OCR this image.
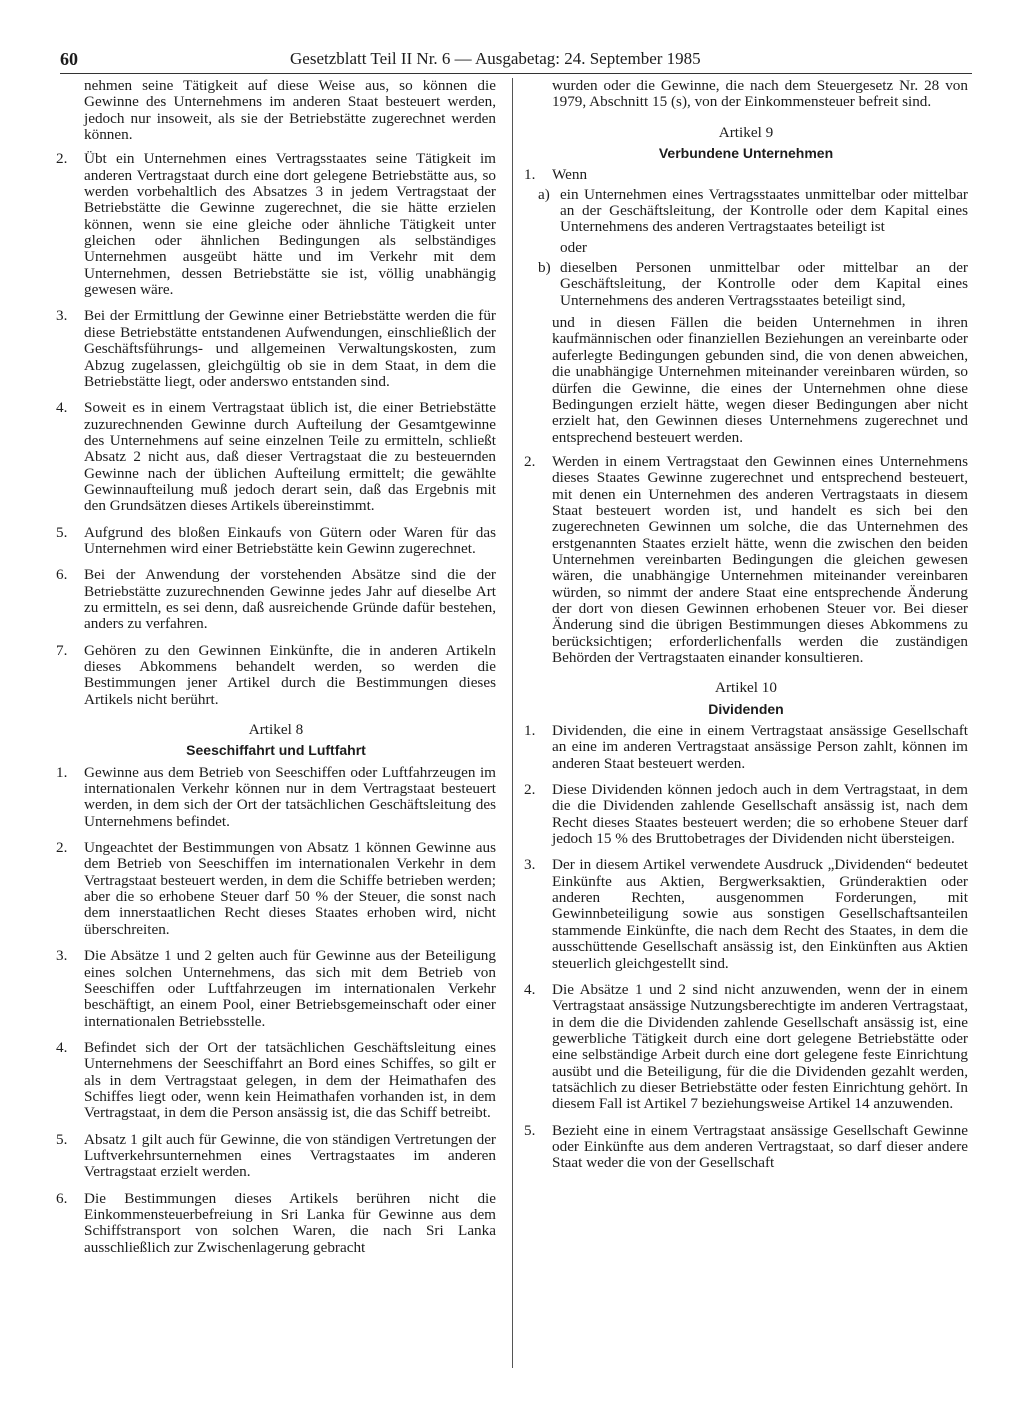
60	Gesetzblatt Teil II Nr. 6 — Ausgabetag: 24. September 1985

nehmen seine Tätigkeit auf diese Weise aus, so können die Gewinne des Unternehmens im anderen Staat besteuert werden, jedoch nur insoweit, als sie der Betriebstätte zugerechnet werden können.

2. Übt ein Unternehmen eines Vertragsstaates seine Tätigkeit im anderen Vertragstaat durch eine dort gelegene Betriebstätte aus, so werden vorbehaltlich des Absatzes 3 in jedem Vertragstaat der Betriebstätte die Gewinne zugerechnet, die sie hätte erzielen können, wenn sie eine gleiche oder ähnliche Tätigkeit unter gleichen oder ähnlichen Bedingungen als selbständiges Unternehmen ausgeübt hätte und im Verkehr mit dem Unternehmen, dessen Betriebstätte sie ist, völlig unabhängig gewesen wäre.
3. Bei der Ermittlung der Gewinne einer Betriebstätte werden die für diese Betriebstätte entstandenen Aufwendungen, einschließlich der Geschäftsführungs- und allgemeinen Verwaltungskosten, zum Abzug zugelassen, gleichgültig ob sie in dem Staat, in dem die Betriebstätte liegt, oder anderswo entstanden sind.
4. Soweit es in einem Vertragstaat üblich ist, die einer Betriebstätte zuzurechnenden Gewinne durch Aufteilung der Gesamtgewinne des Unternehmens auf seine einzelnen Teile zu ermitteln, schließt Absatz 2 nicht aus, daß dieser Vertragstaat die zu besteuernden Gewinne nach der üblichen Aufteilung ermittelt; die gewählte Gewinnaufteilung muß jedoch derart sein, daß das Ergebnis mit den Grundsätzen dieses Artikels übereinstimmt.
5. Aufgrund des bloßen Einkaufs von Gütern oder Waren für das Unternehmen wird einer Betriebstätte kein Gewinn zugerechnet.
6. Bei der Anwendung der vorstehenden Absätze sind die der Betriebstätte zuzurechnenden Gewinne jedes Jahr auf dieselbe Art zu ermitteln, es sei denn, daß ausreichende Gründe dafür bestehen, anders zu verfahren.
7. Gehören zu den Gewinnen Einkünfte, die in anderen Artikeln dieses Abkommens behandelt werden, so werden die Bestimmungen jener Artikel durch die Bestimmungen dieses Artikels nicht berührt.
Artikel 8
Seeschiffahrt und Luftfahrt
1. Gewinne aus dem Betrieb von Seeschiffen oder Luftfahrzeugen im internationalen Verkehr können nur in dem Vertragstaat besteuert werden, in dem sich der Ort der tatsächlichen Geschäftsleitung des Unternehmens befindet.
2. Ungeachtet der Bestimmungen von Absatz 1 können Gewinne aus dem Betrieb von Seeschiffen im internationalen Verkehr in dem Vertragstaat besteuert werden, in dem die Schiffe betrieben werden; aber die so erhobene Steuer darf 50 % der Steuer, die sonst nach dem innerstaatlichen Recht dieses Staates erhoben wird, nicht überschreiten.
3. Die Absätze 1 und 2 gelten auch für Gewinne aus der Beteiligung eines solchen Unternehmens, das sich mit dem Betrieb von Seeschiffen oder Luftfahrzeugen im internationalen Verkehr beschäftigt, an einem Pool, einer Betriebsgemeinschaft oder einer internationalen Betriebsstelle.
4. Befindet sich der Ort der tatsächlichen Geschäftsleitung eines Unternehmens der Seeschiffahrt an Bord eines Schiffes, so gilt er als in dem Vertragstaat gelegen, in dem der Heimathafen des Schiffes liegt oder, wenn kein Heimathafen vorhanden ist, in dem Vertragstaat, in dem die Person ansässig ist, die das Schiff betreibt.
5. Absatz 1 gilt auch für Gewinne, die von ständigen Vertretungen der Luftverkehrsunternehmen eines Vertragstaates im anderen Vertragstaat erzielt werden.
6. Die Bestimmungen dieses Artikels berühren nicht die Einkommensteuerbefreiung in Sri Lanka für Gewinne aus dem Schiffstransport von solchen Waren, die nach Sri Lanka ausschließlich zur Zwischenlagerung gebracht

wurden oder die Gewinne, die nach dem Steuergesetz Nr. 28 von 1979, Abschnitt 15 (s), von der Einkommensteuer befreit sind.

Artikel 9
Verbundene Unternehmen
1. Wenn
a) ein Unternehmen eines Vertragsstaates unmittelbar oder mittelbar an der Geschäftsleitung, der Kontrolle oder dem Kapital eines Unternehmens des anderen Vertragstaates beteiligt ist
oder
b) dieselben Personen unmittelbar oder mittelbar an der Geschäftsleitung, der Kontrolle oder dem Kapital eines Unternehmens des anderen Vertragsstaates beteiligt sind,

und in diesen Fällen die beiden Unternehmen in ihren kaufmännischen oder finanziellen Beziehungen an vereinbarte oder auferlegte Bedingungen gebunden sind, die von denen abweichen, die unabhängige Unternehmen miteinander vereinbaren würden, so dürfen die Gewinne, die eines der Unternehmen ohne diese Bedingungen erzielt hätte, wegen dieser Bedingungen aber nicht erzielt hat, den Gewinnen dieses Unternehmens zugerechnet und entsprechend besteuert werden.

2. Werden in einem Vertragstaat den Gewinnen eines Unternehmens dieses Staates Gewinne zugerechnet und entsprechend besteuert, mit denen ein Unternehmen des anderen Vertragstaats in diesem Staat besteuert worden ist, und handelt es sich bei den zugerechneten Gewinnen um solche, die das Unternehmen des erstgenannten Staates erzielt hätte, wenn die zwischen den beiden Unternehmen vereinbarten Bedingungen die gleichen gewesen wären, die unabhängige Unternehmen miteinander vereinbaren würden, so nimmt der andere Staat eine entsprechende Änderung der dort von diesen Gewinnen erhobenen Steuer vor. Bei dieser Änderung sind die übrigen Bestimmungen dieses Abkommens zu berücksichtigen; erforderlichenfalls werden die zuständigen Behörden der Vertragstaaten einander konsultieren.
Artikel 10
Dividenden
1. Dividenden, die eine in einem Vertragstaat ansässige Gesellschaft an eine im anderen Vertragstaat ansässige Person zahlt, können im anderen Staat besteuert werden.
2. Diese Dividenden können jedoch auch in dem Vertragstaat, in dem die die Dividenden zahlende Gesellschaft ansässig ist, nach dem Recht dieses Staates besteuert werden; die so erhobene Steuer darf jedoch 15 % des Bruttobetrages der Dividenden nicht übersteigen.
3. Der in diesem Artikel verwendete Ausdruck „Dividenden“ bedeutet Einkünfte aus Aktien, Bergwerksaktien, Gründeraktien oder anderen Rechten, ausgenommen Forderungen, mit Gewinnbeteiligung sowie aus sonstigen Gesellschaftsanteilen stammende Einkünfte, die nach dem Recht des Staates, in dem die ausschüttende Gesellschaft ansässig ist, den Einkünften aus Aktien steuerlich gleichgestellt sind.
4. Die Absätze 1 und 2 sind nicht anzuwenden, wenn der in einem Vertragstaat ansässige Nutzungsberechtigte im anderen Vertragstaat, in dem die die Dividenden zahlende Gesellschaft ansässig ist, eine gewerbliche Tätigkeit durch eine dort gelegene Betriebstätte oder eine selbständige Arbeit durch eine dort gelegene feste Einrichtung ausübt und die Beteiligung, für die die Dividenden gezahlt werden, tatsächlich zu dieser Betriebstätte oder festen Einrichtung gehört. In diesem Fall ist Artikel 7 beziehungsweise Artikel 14 anzuwenden.
5. Bezieht eine in einem Vertragstaat ansässige Gesellschaft Gewinne oder Einkünfte aus dem anderen Vertragstaat, so darf dieser andere Staat weder die von der Gesellschaft
